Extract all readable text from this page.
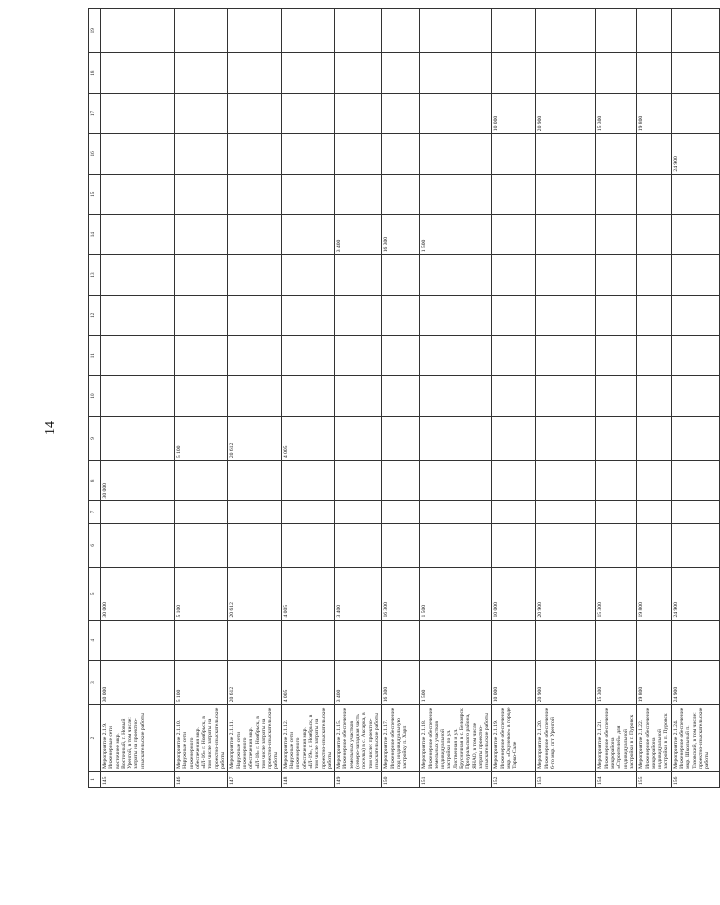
14
1	2	3	4	5	6	7	8	9	10	11	12	13	14	15	16	17	18	19
145	Мероприятие 2.1.9. Инженерные сети восточнее мкр. Восточный, г. Новый Уренгой, в том числе: затраты на проектно-изыскательские работы	30 000		30 000			30 000											
146	Мероприятие 2.1.10. Наружные сети инженерного обеспечения мкр. «IЛ-16» г. Ноябрьск, в том числе затраты на проектно-изыскательские работы	5 100		5 100				5 100										
147	Мероприятие 2.1.11. Наружные сети инженерного обеспечения мкр. «IЛ-18» г. Ноябрьск, в том числе затраты на проектно-изыскательские работы	20 612		20 612				20 612										
148	Мероприятие 2.1.12. Наружные сети инженерного обеспечения мкр. «IЛ-19», г. Ноябрьск, в том числе затраты на проектно-изыскательские работы	4 005		4 005				4 005										
149	Мероприятие 2.1.15. Инженерное обеспечение земельных участков (северо-западная часть поселка) в с. Аксарка, в том числе: проектно-изыскательские работы	3 400		3 400									3 400					
150	Мероприятие 2.1.17. Инженерное обеспечение под индивидуальную застройку п. Харп	16 300		16 300									16 300					
151	Мероприятие 2.1.18. Инженерное обеспечение земельных участков индивидуальной застройки по ул. Лиственная и ул. Брусничная в с. Белоярск Приуральского района, ЯНАО, в том числе затраты проектно-изыскательские работы	1 500		1 500									1 500					
152	Мероприятие 2.1.19. Инженерное обеспечение мкр. «Окуневое» в городе Тарко-Сале	10 000		10 000												10 000		
153	Мероприятие 2.1.20. Инженерное обеспечение 6-го мкр. пгт Уренгой	20 900		20 900												20 900		
154	Мероприятие 2.1.21. Инженерное обеспечение микрорайона «Строителей» для индивидуальной застройки в г. Пуровск	15 300		15 300												15 300		
155	Мероприятие 2.1.22. Инженерное обеспечение микрорайона индивидуальной застройки в п. Пуровск	19 800		19 800												19 800		
156	Мероприятие 2.1.24. Инженерное обеспечение мкр. Школьный п. Тазовский, в том числе: проектно-изыскательские работы	24 900		24 900											24 900			
